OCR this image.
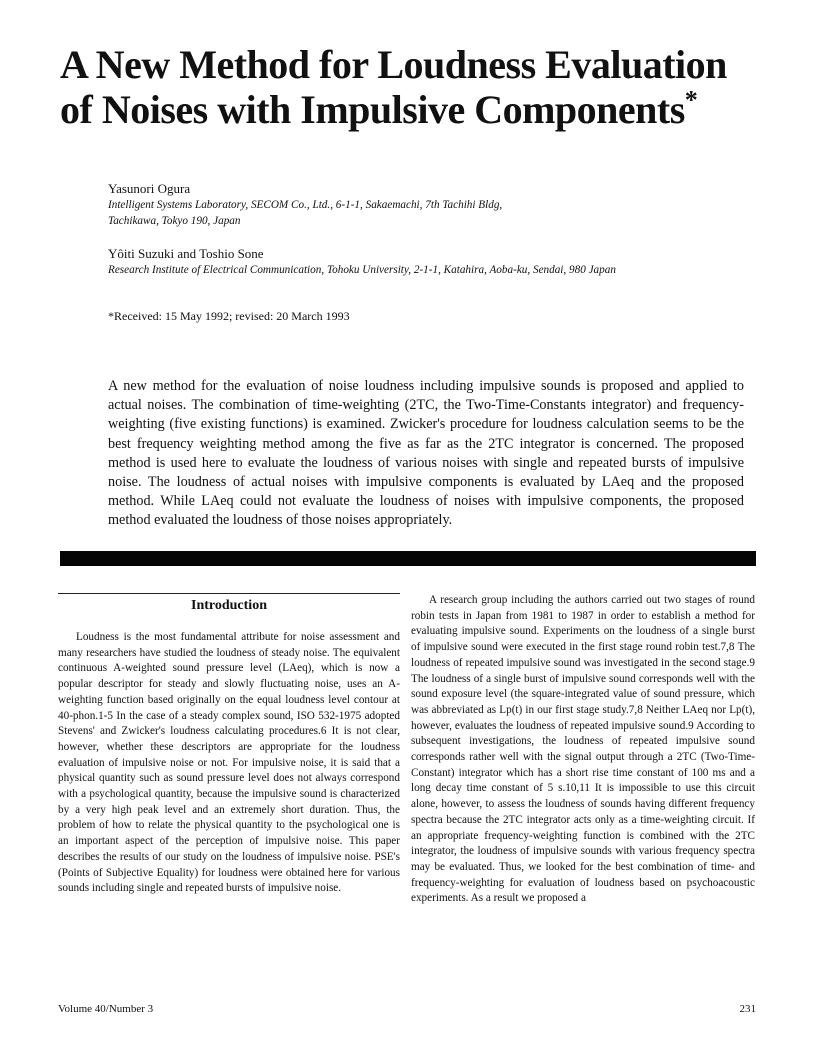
A New Method for Loudness Evaluation
of Noises with Impulsive Components*
Yasunori Ogura
Intelligent Systems Laboratory, SECOM Co., Ltd., 6-1-1, Sakaemachi, 7th Tachihi Bldg,
Tachikawa, Tokyo 190, Japan
Yôiti Suzuki and Toshio Sone
Research Institute of Electrical Communication, Tohoku University, 2-1-1, Katahira, Aoba-ku, Sendai, 980 Japan
*Received: 15 May 1992; revised: 20 March 1993
A new method for the evaluation of noise loudness including impulsive sounds is proposed and applied to actual noises. The combination of time-weighting (2TC, the Two-Time-Constants integrator) and frequency-weighting (five existing functions) is examined. Zwicker's procedure for loudness calculation seems to be the best frequency weighting method among the five as far as the 2TC integrator is concerned. The proposed method is used here to evaluate the loudness of various noises with single and repeated bursts of impulsive noise. The loudness of actual noises with impulsive components is evaluated by LAeq and the proposed method. While LAeq could not evaluate the loudness of noises with impulsive components, the proposed method evaluated the loudness of those noises appropriately.
Introduction

Loudness is the most fundamental attribute for noise assessment and many researchers have studied the loudness of steady noise. The equivalent continuous A-weighted sound pressure level (LAeq), which is now a popular descriptor for steady and slowly fluctuating noise, uses an A-weighting function based originally on the equal loudness level contour at 40-phon.1-5 In the case of a steady complex sound, ISO 532-1975 adopted Stevens' and Zwicker's loudness calculating procedures.6 It is not clear, however, whether these descriptors are appropriate for the loudness evaluation of impulsive noise or not. For impulsive noise, it is said that a physical quantity such as sound pressure level does not always correspond with a psychological quantity, because the impulsive sound is characterized by a very high peak level and an extremely short duration. Thus, the problem of how to relate the physical quantity to the psychological one is an important aspect of the perception of impulsive noise. This paper describes the results of our study on the loudness of impulsive noise. PSE's (Points of Subjective Equality) for loudness were obtained here for various sounds including single and repeated bursts of impulsive noise.

A research group including the authors carried out two stages of round robin tests in Japan from 1981 to 1987 in order to establish a method for evaluating impulsive sound. Experiments on the loudness of a single burst of impulsive sound were executed in the first stage round robin test.7,8 The loudness of repeated impulsive sound was investigated in the second stage.9 The loudness of a single burst of impulsive sound corresponds well with the sound exposure level (the square-integrated value of sound pressure, which was abbreviated as Lp(t) in our first stage study.7,8 Neither LAeq nor Lp(t), however, evaluates the loudness of repeated impulsive sound.9 According to subsequent investigations, the loudness of repeated impulsive sound corresponds rather well with the signal output through a 2TC (Two-Time-Constant) integrator which has a short rise time constant of 100 ms and a long decay time constant of 5 s.10,11 It is impossible to use this circuit alone, however, to assess the loudness of sounds having different frequency spectra because the 2TC integrator acts only as a time-weighting circuit. If an appropriate frequency-weighting function is combined with the 2TC integrator, the loudness of impulsive sounds with various frequency spectra may be evaluated. Thus, we looked for the best combination of time- and frequency-weighting for evaluation of loudness based on psychoacoustic experiments. As a result we proposed a

Volume 40/Number 3	231
